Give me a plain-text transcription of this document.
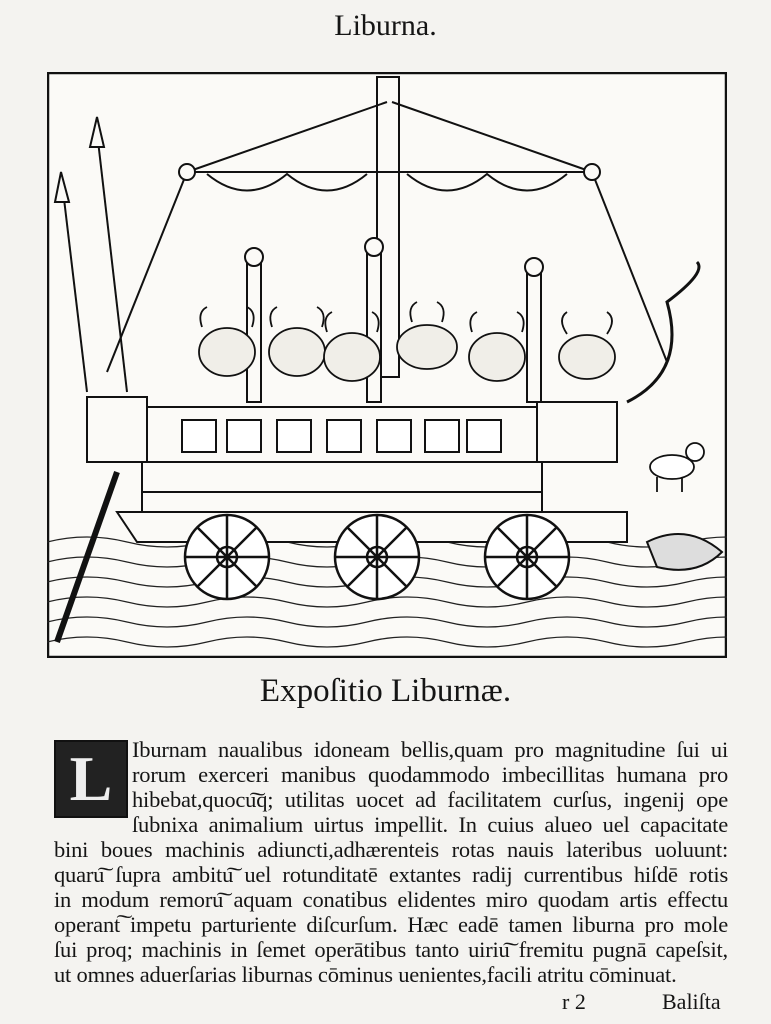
Liburna.
Expoſitio Liburnæ.
L Iburnam naualibus idoneam bellis,quam pro magnitudine ſui ui
rorum exerceri manibus quodammodo imbecillitas humana pro
hibebat,quocu͠q; utilitas uocet ad facilitatem curſus, ingenij ope
ſubnixa animalium uirtus impellit. In cuius alueo uel capacitate
bini boues machinis adiuncti,adhærenteis rotas nauis lateribus uoluunt:
quaru͠ ſupra ambitu͠ uel rotunditatē extantes radij currentibus hiſdē rotis
in modum remoru͠ aquam conatibus elidentes miro quodam artis effectu
operant͠ impetu parturiente diſcurſum. Hæc eadē tamen liburna pro mole
ſui proq; machinis in ſemet operātibus tanto uiriu͠ fremitu pugnā capeſsit,
ut omnes aduerſarias liburnas cōminus uenientes,facili atritu cōminuat.
r 2	Baliſta
